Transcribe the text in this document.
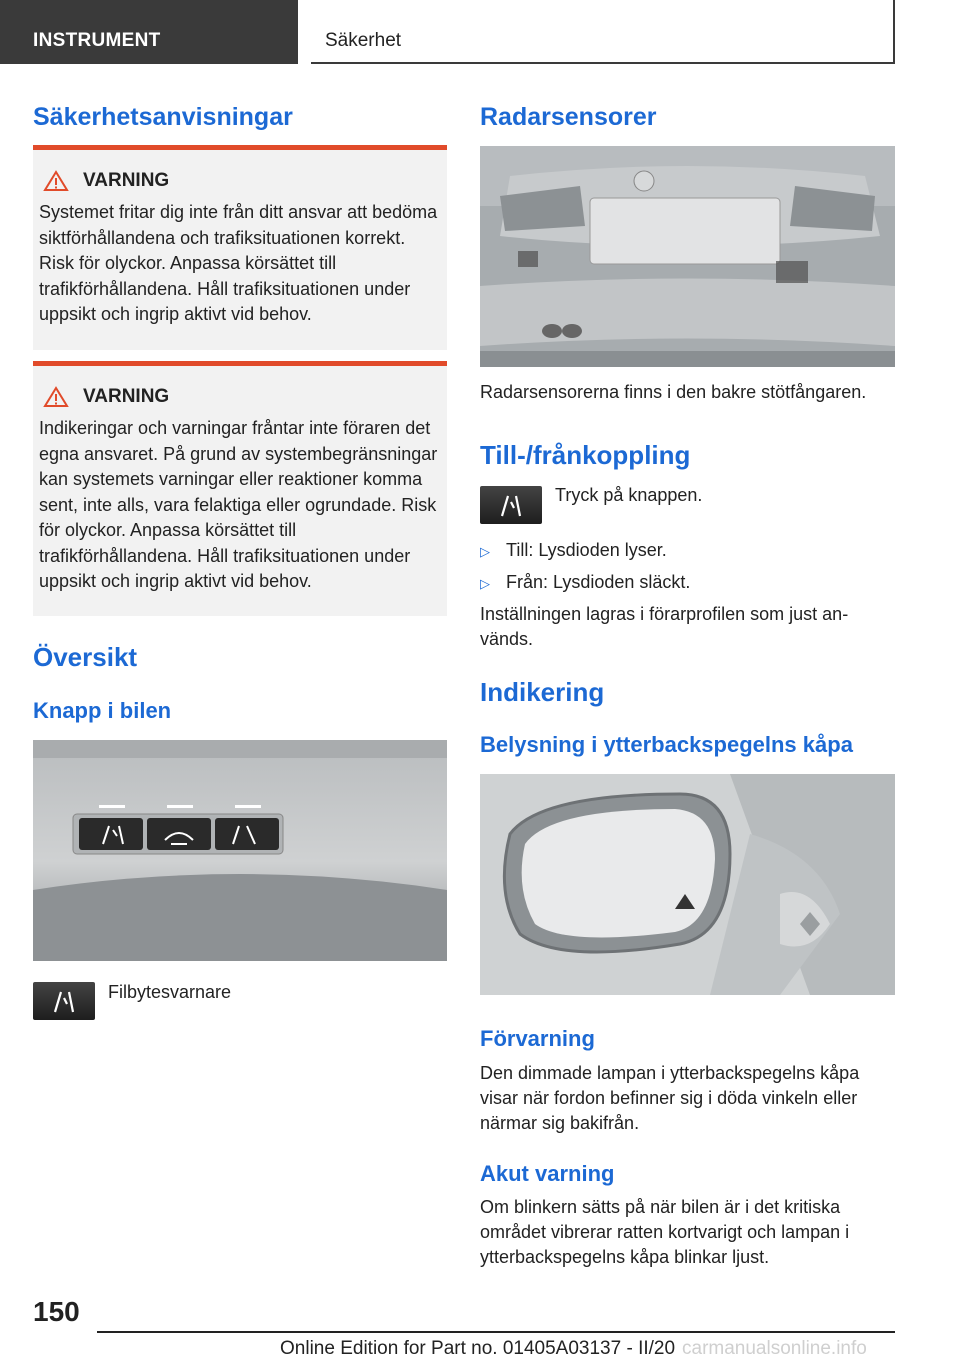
INSTRUMENT	Säkerhet
Säkerhetsanvisningar
VARNING
Systemet fritar dig inte från ditt ansvar att bedöma siktförhållandena och trafiksituationen korrekt. Risk för olyckor. Anpassa körsättet till trafikförhållandena. Håll trafiksituationen under uppsikt och ingrip aktivt vid behov.
VARNING
Indikeringar och varningar fråntar inte föraren det egna ansvaret. På grund av systembegränsningar kan systemets varningar eller reaktioner komma sent, inte alls, vara felaktiga eller ogrundade. Risk för olyckor. Anpassa körsättet till trafikförhållandena. Håll trafiksituationen under uppsikt och ingrip aktivt vid behov.
Översikt
Knapp i bilen
Filbytesvarnare
Radarsensorer
Radarsensorerna finns i den bakre stötfångaren.
Till-/frånkoppling
Tryck på knappen.
▷ Till: Lysdioden lyser.
▷ Från: Lysdioden släckt.
Inställningen lagras i förarprofilen som just används.
Indikering
Belysning i ytterbackspegelns kåpa
Förvarning
Den dimmade lampan i ytterbackspegelns kåpa visar när fordon befinner sig i döda vinkeln eller närmar sig bakifrån.
Akut varning
Om blinkern sätts på när bilen är i det kritiska området vibrerar ratten kortvarigt och lampan i ytterbackspegelns kåpa blinkar ljust.
150
Online Edition for Part no. 01405A03137 - II/20 carmanualsonline.info
